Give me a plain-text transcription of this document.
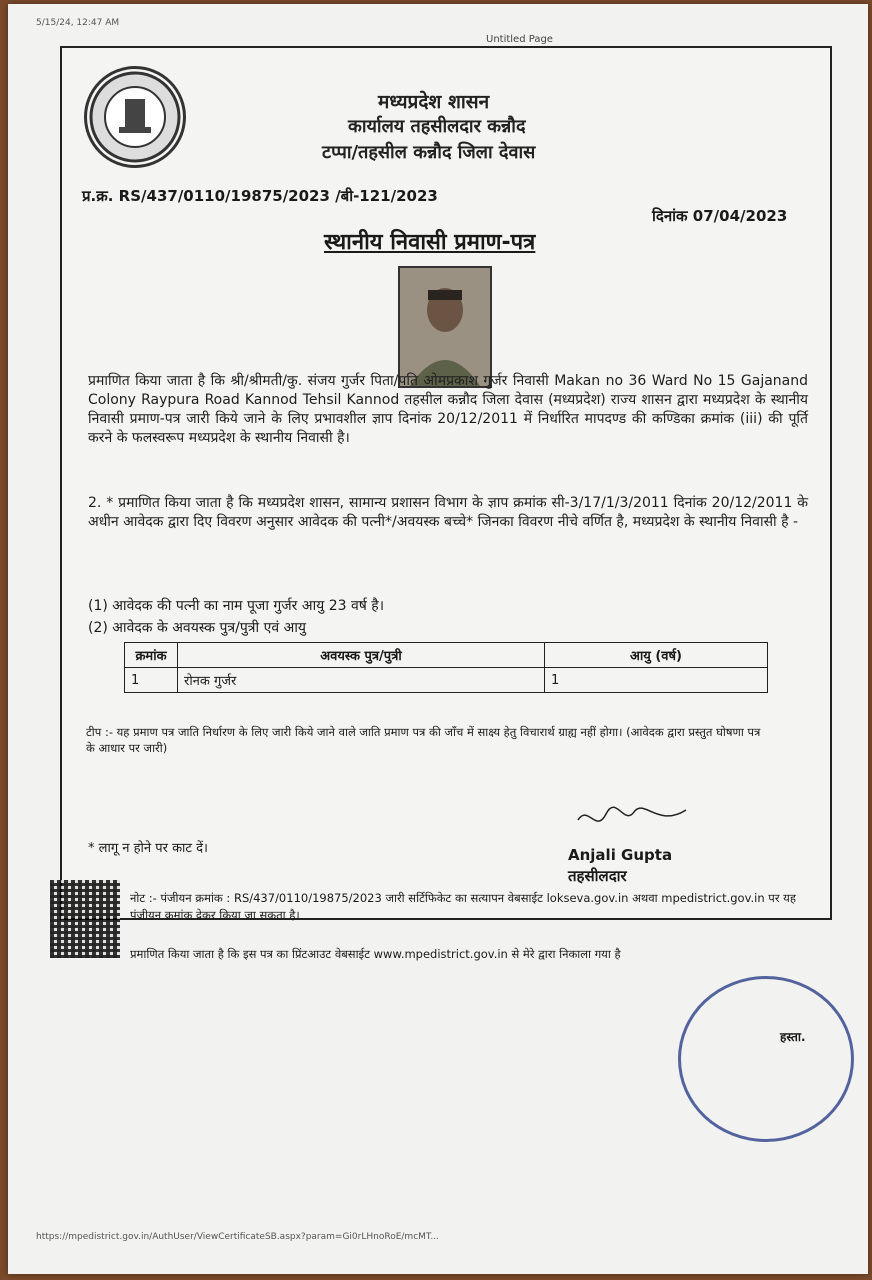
5/15/24, 12:47 AM
Untitled Page
मध्यप्रदेश शासन
कार्यालय तहसीलदार कन्नौद
टप्पा/तहसील कन्नौद जिला देवास
प्र.क्र. RS/437/0110/19875/2023 /बी-121/2023
दिनांक 07/04/2023
स्थानीय निवासी प्रमाण-पत्र
प्रमाणित किया जाता है कि श्री/श्रीमती/कु. संजय गुर्जर पिता/पति ओमप्रकाश गुर्जर निवासी Makan no 36 Ward No 15 Gajanand Colony Raypura Road Kannod Tehsil Kannod तहसील कन्नौद जिला देवास (मध्यप्रदेश) राज्य शासन द्वारा मध्यप्रदेश के स्थानीय निवासी प्रमाण-पत्र जारी किये जाने के लिए प्रभावशील ज्ञाप दिनांक 20/12/2011 में निर्धारित मापदण्ड की कण्डिका क्रमांक (iii) की पूर्ति करने के फलस्वरूप मध्यप्रदेश के स्थानीय निवासी है।
2. * प्रमाणित किया जाता है कि मध्यप्रदेश शासन, सामान्य प्रशासन विभाग के ज्ञाप क्रमांक सी-3/17/1/3/2011 दिनांक 20/12/2011 के अधीन आवेदक द्वारा दिए विवरण अनुसार आवेदक की पत्नी*/अवयस्क बच्चे* जिनका विवरण नीचे वर्णित है, मध्यप्रदेश के स्थानीय निवासी है -
(1) आवेदक की पत्नी का नाम पूजा गुर्जर आयु 23 वर्ष है।
(2) आवेदक के अवयस्क पुत्र/पुत्री एवं आयु
क्रमांक	अवयस्क पुत्र/पुत्री	आयु (वर्ष)
1	रोनक गुर्जर	1
टीप :- यह प्रमाण पत्र जाति निर्धारण के लिए जारी किये जाने वाले जाति प्रमाण पत्र की जाँच में साक्ष्य हेतु विचारार्थ ग्राह्य नहीं होगा। (आवेदक द्वारा प्रस्तुत घोषणा पत्र के आधार पर जारी)
* लागू न होने पर काट दें।	Anjali Gupta
तहसीलदार
नोट :- पंजीयन क्रमांक : RS/437/0110/19875/2023 जारी सर्टिफिकेट का सत्यापन वेबसाईट lokseva.gov.in अथवा mpedistrict.gov.in पर यह पंजीयन क्रमांक देकर किया जा सकता है।
प्रमाणित किया जाता है कि इस पत्र का प्रिंटआउट वेबसाईट www.mpedistrict.gov.in से मेरे द्वारा निकाला गया है
हस्ता.
https://mpedistrict.gov.in/AuthUser/ViewCertificateSB.aspx?param=Gi0rLHnoRoE/mcMT...
